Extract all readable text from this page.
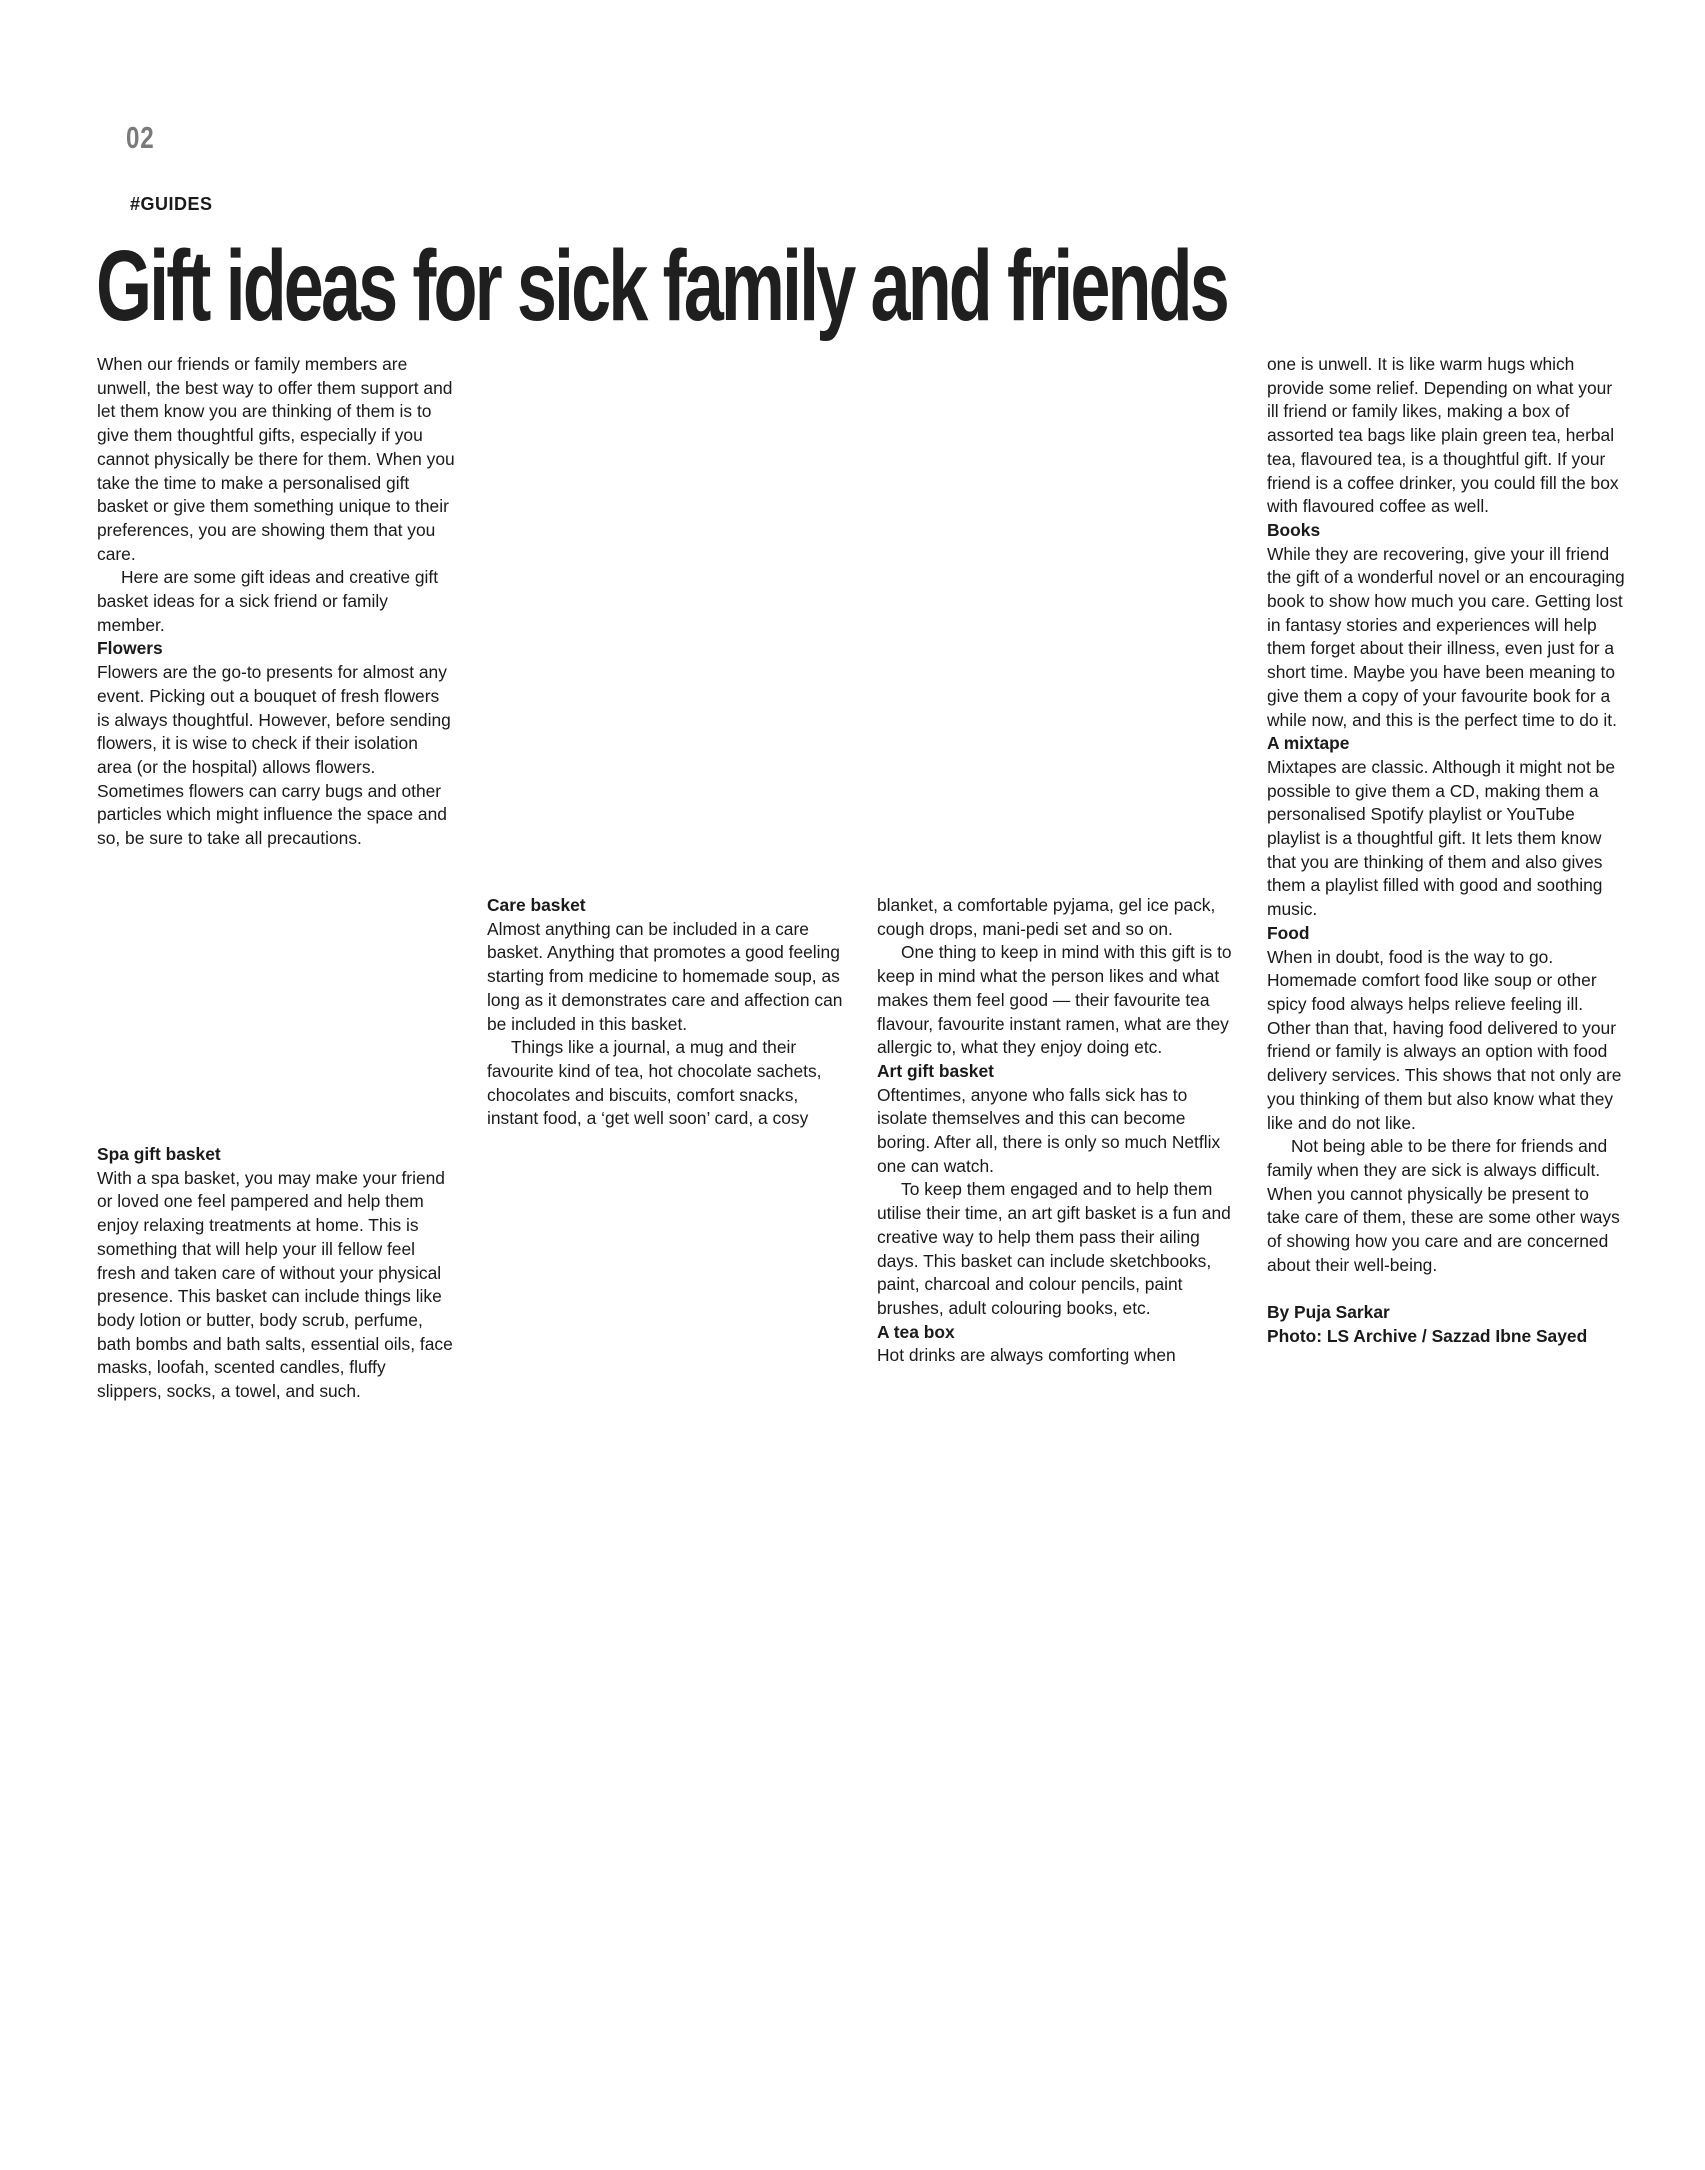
02
#GUIDES
Gift ideas for sick family and friends

When our friends or family members are unwell, the best way to offer them support and let them know you are thinking of them is to give them thoughtful gifts, especially if you cannot physically be there for them. When you take the time to make a personalised gift basket or give them something unique to their preferences, you are showing them that you care.

Here are some gift ideas and creative gift basket ideas for a sick friend or family member.

Flowers

Flowers are the go-to presents for almost any event. Picking out a bouquet of fresh flowers is always thoughtful. However, before sending flowers, it is wise to check if their isolation area (or the hospital) allows flowers. Sometimes flowers can carry bugs and other particles which might influence the space and so, be sure to take all precautions.

Spa gift basket

With a spa basket, you may make your friend or loved one feel pampered and help them enjoy relaxing treatments at home. This is something that will help your ill fellow feel fresh and taken care of without your physical presence. This basket can include things like body lotion or butter, body scrub, perfume, bath bombs and bath salts, essential oils, face masks, loofah, scented candles, fluffy slippers, socks, a towel, and such.

Care basket

Almost anything can be included in a care basket. Anything that promotes a good feeling starting from medicine to homemade soup, as long as it demonstrates care and affection can be included in this basket.

Things like a journal, a mug and their favourite kind of tea, hot chocolate sachets, chocolates and biscuits, comfort snacks, instant food, a ‘get well soon’ card, a cosy

blanket, a comfortable pyjama, gel ice pack, cough drops, mani-pedi set and so on.

One thing to keep in mind with this gift is to keep in mind what the person likes and what makes them feel good — their favourite tea flavour, favourite instant ramen, what are they allergic to, what they enjoy doing etc.

Art gift basket

Oftentimes, anyone who falls sick has to isolate themselves and this can become boring. After all, there is only so much Netflix one can watch.

To keep them engaged and to help them utilise their time, an art gift basket is a fun and creative way to help them pass their ailing days. This basket can include sketchbooks, paint, charcoal and colour pencils, paint brushes, adult colouring books, etc.

A tea box

Hot drinks are always comforting when

one is unwell. It is like warm hugs which provide some relief. Depending on what your ill friend or family likes, making a box of assorted tea bags like plain green tea, herbal tea, flavoured tea, is a thoughtful gift. If your friend is a coffee drinker, you could fill the box with flavoured coffee as well.

Books

While they are recovering, give your ill friend the gift of a wonderful novel or an encouraging book to show how much you care. Getting lost in fantasy stories and experiences will help them forget about their illness, even just for a short time. Maybe you have been meaning to give them a copy of your favourite book for a while now, and this is the perfect time to do it.

A mixtape

Mixtapes are classic. Although it might not be possible to give them a CD, making them a personalised Spotify playlist or YouTube playlist is a thoughtful gift. It lets them know that you are thinking of them and also gives them a playlist filled with good and soothing music.

Food

When in doubt, food is the way to go. Homemade comfort food like soup or other spicy food always helps relieve feeling ill. Other than that, having food delivered to your friend or family is always an option with food delivery services. This shows that not only are you thinking of them but also know what they like and do not like.

Not being able to be there for friends and family when they are sick is always difficult. When you cannot physically be present to take care of them, these are some other ways of showing how you care and are concerned about their well-being.

By Puja Sarkar

Photo: LS Archive / Sazzad Ibne Sayed
